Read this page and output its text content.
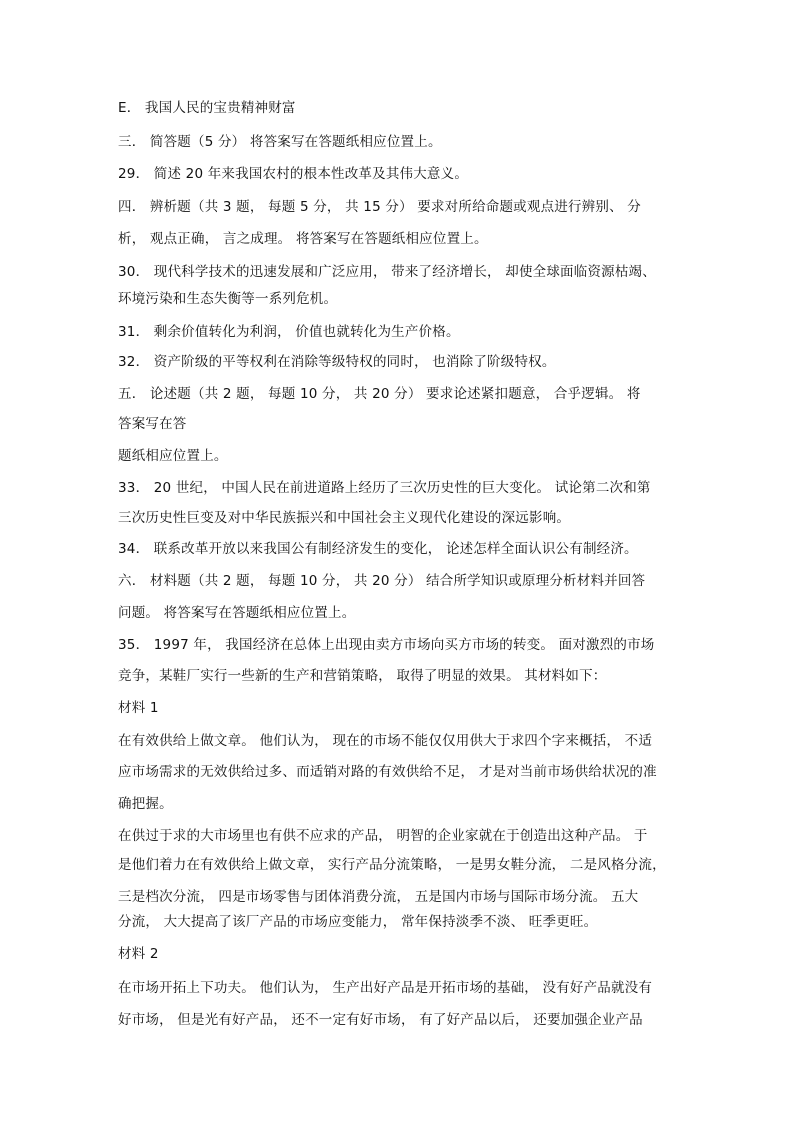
E． 我国人民的宝贵精神财富
三． 简答题（5 分） 将答案写在答题纸相应位置上。
29． 简述 20 年来我国农村的根本性改革及其伟大意义。
四． 辨析题（共 3 题， 每题 5 分， 共 15 分） 要求对所给命题或观点进行辨别、 分
析， 观点正确， 言之成理。 将答案写在答题纸相应位置上。
30． 现代科学技术的迅速发展和广泛应用， 带来了经济增长， 却使全球面临资源枯竭、
环境污染和生态失衡等一系列危机。
31． 剩余价值转化为利润， 价值也就转化为生产价格。
32． 资产阶级的平等权利在消除等级特权的同时， 也消除了阶级特权。
五． 论述题（共 2 题， 每题 10 分， 共 20 分） 要求论述紧扣题意， 合乎逻辑。 将
答案写在答
题纸相应位置上。
33． 20 世纪， 中国人民在前进道路上经历了三次历史性的巨大变化。 试论第二次和第
三次历史性巨变及对中华民族振兴和中国社会主义现代化建设的深远影响。
34． 联系改革开放以来我国公有制经济发生的变化， 论述怎样全面认识公有制经济。
六． 材料题（共 2 题， 每题 10 分， 共 20 分） 结合所学知识或原理分析材料并回答
问题。 将答案写在答题纸相应位置上。
35． 1997 年， 我国经济在总体上出现由卖方市场向买方市场的转变。 面对激烈的市场
竞争，某鞋厂实行一些新的生产和营销策略， 取得了明显的效果。 其材料如下：
材料 1
在有效供给上做文章。 他们认为， 现在的市场不能仅仅用供大于求四个字来概括， 不适
应市场需求的无效供给过多、而适销对路的有效供给不足， 才是对当前市场供给状况的准
确把握。
在供过于求的大市场里也有供不应求的产品， 明智的企业家就在于创造出这种产品。 于
是他们着力在有效供给上做文章， 实行产品分流策略， 一是男女鞋分流， 二是风格分流，
三是档次分流， 四是市场零售与团体消费分流， 五是国内市场与国际市场分流。 五大
分流， 大大提高了该厂产品的市场应变能力， 常年保持淡季不淡、 旺季更旺。
材料 2
在市场开拓上下功夫。 他们认为， 生产出好产品是开拓市场的基础， 没有好产品就没有
好市场， 但是光有好产品， 还不一定有好市场， 有了好产品以后， 还要加强企业产品
